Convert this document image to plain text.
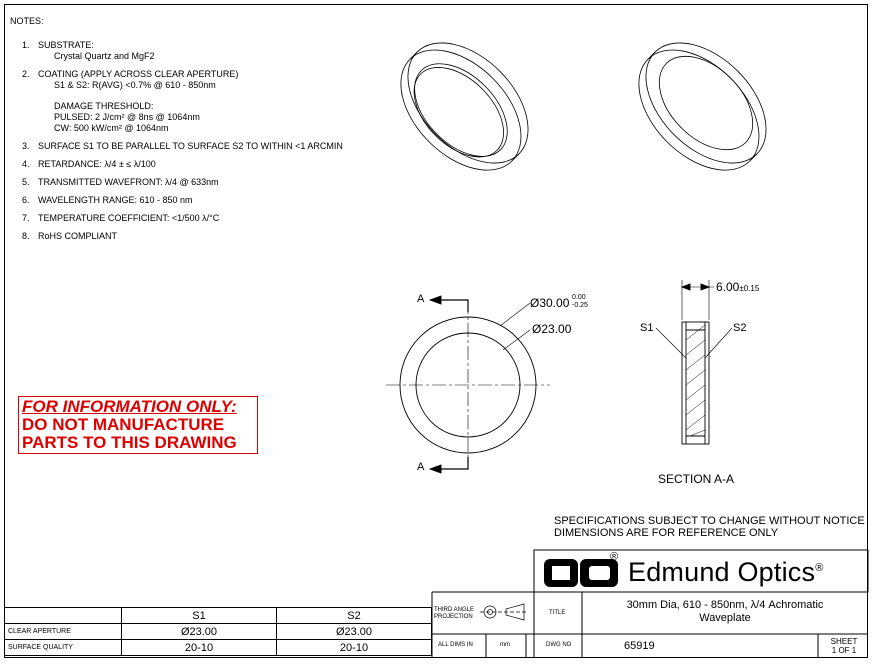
NOTES:
1. SUBSTRATE:
Crystal Quartz and MgF2
2. COATING (APPLY ACROSS CLEAR APERTURE)
S1 & S2: R(AVG) <0.7% @ 610 - 850nm
DAMAGE THRESHOLD:
PULSED: 2 J/cm² @ 8ns @ 1064nm
CW: 500 kW/cm² @ 1064nm
3. SURFACE S1 TO BE PARALLEL TO SURFACE S2 TO WITHIN <1 ARCMIN
4. RETARDANCE: λ/4 ± ≤ λ/100
5. TRANSMITTED WAVEFRONT: λ/4 @ 633nm
6. WAVELENGTH RANGE: 610 - 850 nm
7. TEMPERATURE COEFFICIENT: <1/500 λ/°C
8. RoHS COMPLIANT
FOR INFORMATION ONLY:
DO NOT MANUFACTURE
PARTS TO THIS DRAWING
A
A
Ø30.00 0.00
-0.25
Ø23.00
6.00±0.15
S1	S2
SECTION A-A
SPECIFICATIONS SUBJECT TO CHANGE WITHOUT NOTICE
DIMENSIONS ARE FOR REFERENCE ONLY
Edmund Optics®
®
THIRD ANGLE
PROJECTION
TITLE
30mm Dia, 610 - 850nm, λ/4 Achromatic
Waveplate
ALL DIMS IN	mm	DWG NO	65919	SHEET
1 OF 1
	S1	S2
CLEAR APERTURE	Ø23.00	Ø23.00
SURFACE QUALITY	20-10	20-10
